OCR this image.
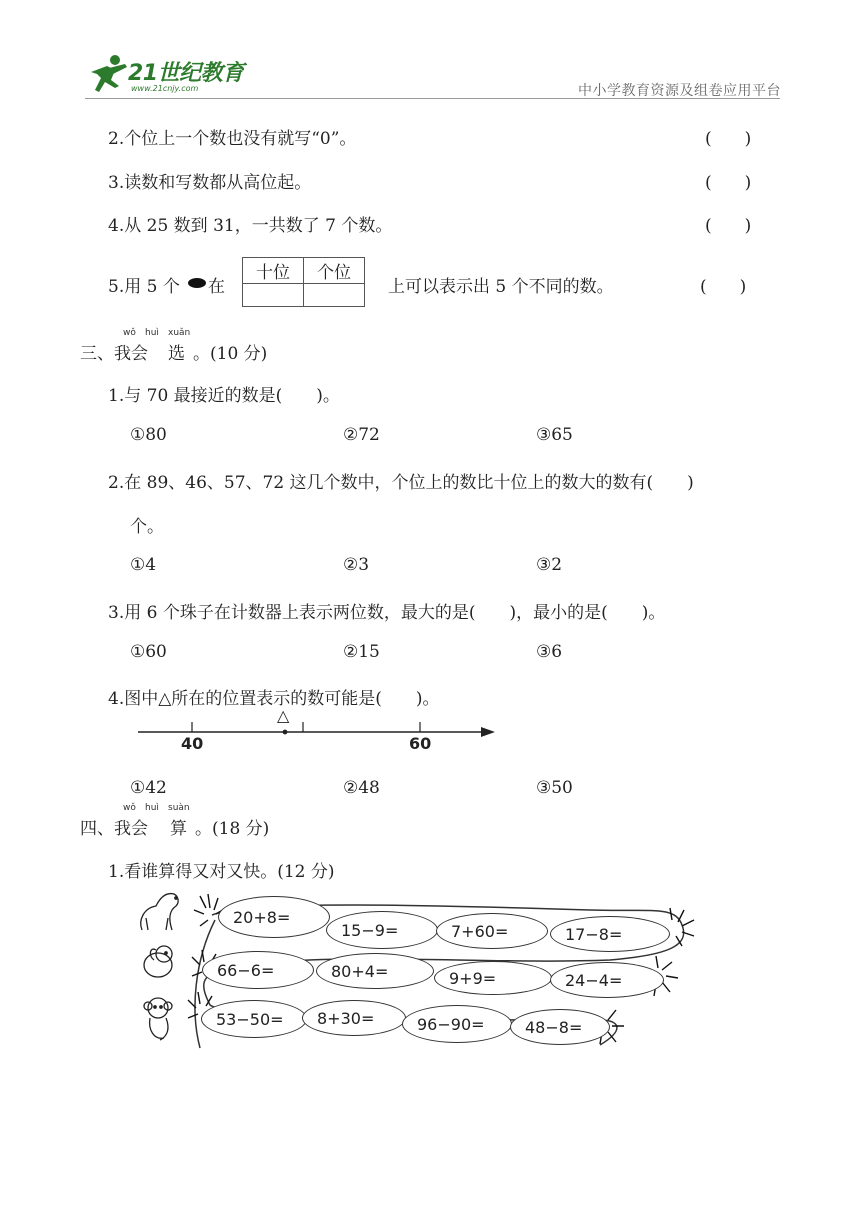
21世纪教育
www.21cnjy.com	中小学教育资源及组卷应用平台
2.个位上一个数也没有就写“0”。	(　)
3.读数和写数都从高位起。	(　)
4.从 25 数到 31，一共数了 7 个数。	(　)
5.用 5 个 在
十位	个位

上可以表示出 5 个不同的数。	(　)
wǒ huì xuǎn
三、我会 选 。(10 分)
1.与 70 最接近的数是(　　)。
①80	②72	③65
2.在 89、46、57、72 这几个数中，个位上的数比十位上的数大的数有(　　)
个。
①4	②3	③2
3.用 6 个珠子在计数器上表示两位数，最大的是(　　)，最小的是(　　)。
①60	②15	③6
4.图中△所在的位置表示的数可能是(　　)。
△
40	60
①42	②48	③50
wǒ huì suàn
四、我会 算 。(18 分)
1.看谁算得又对又快。(12 分)
20+8=
15−9=	7+60=	17−8=
66−6=	80+4=	9+9=	24−4=
53−50=	8+30=	96−90=	48−8=
